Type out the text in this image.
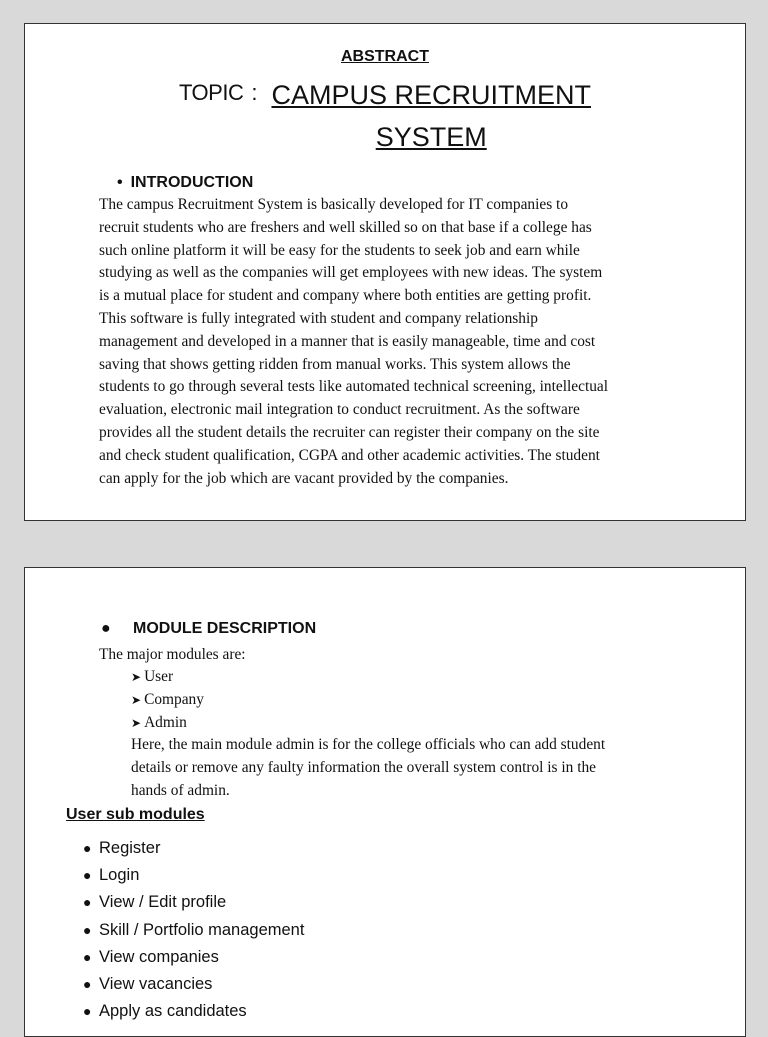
ABSTRACT
TOPIC : CAMPUS RECRUITMENT
SYSTEM
• INTRODUCTION

The campus Recruitment System is basically developed for IT companies to
recruit students who are freshers and well skilled so on that base if a college has
such online platform it will be easy for the students to seek job and earn while
studying as well as the companies will get employees with new ideas. The system
is a mutual place for student and company where both entities are getting profit.
This software is fully integrated with student and company relationship
management and developed in a manner that is easily manageable, time and cost
saving that shows getting ridden from manual works. This system allows the
students to go through several tests like automated technical screening, intellectual
evaluation, electronic mail integration to conduct recruitment. As the software
provides all the student details the recruiter can register their company on the site
and check student qualification, CGPA and other academic activities. The student
can apply for the job which are vacant provided by the companies.

● MODULE DESCRIPTION

The major modules are:

➤ User
➤ Company
➤ Admin

Here, the main module admin is for the college officials who can add student
details or remove any faulty information the overall system control is in the
hands of admin.

User sub modules
● Register
● Login
● View / Edit profile
● Skill / Portfolio management
● View companies
● View vacancies
● Apply as candidates
